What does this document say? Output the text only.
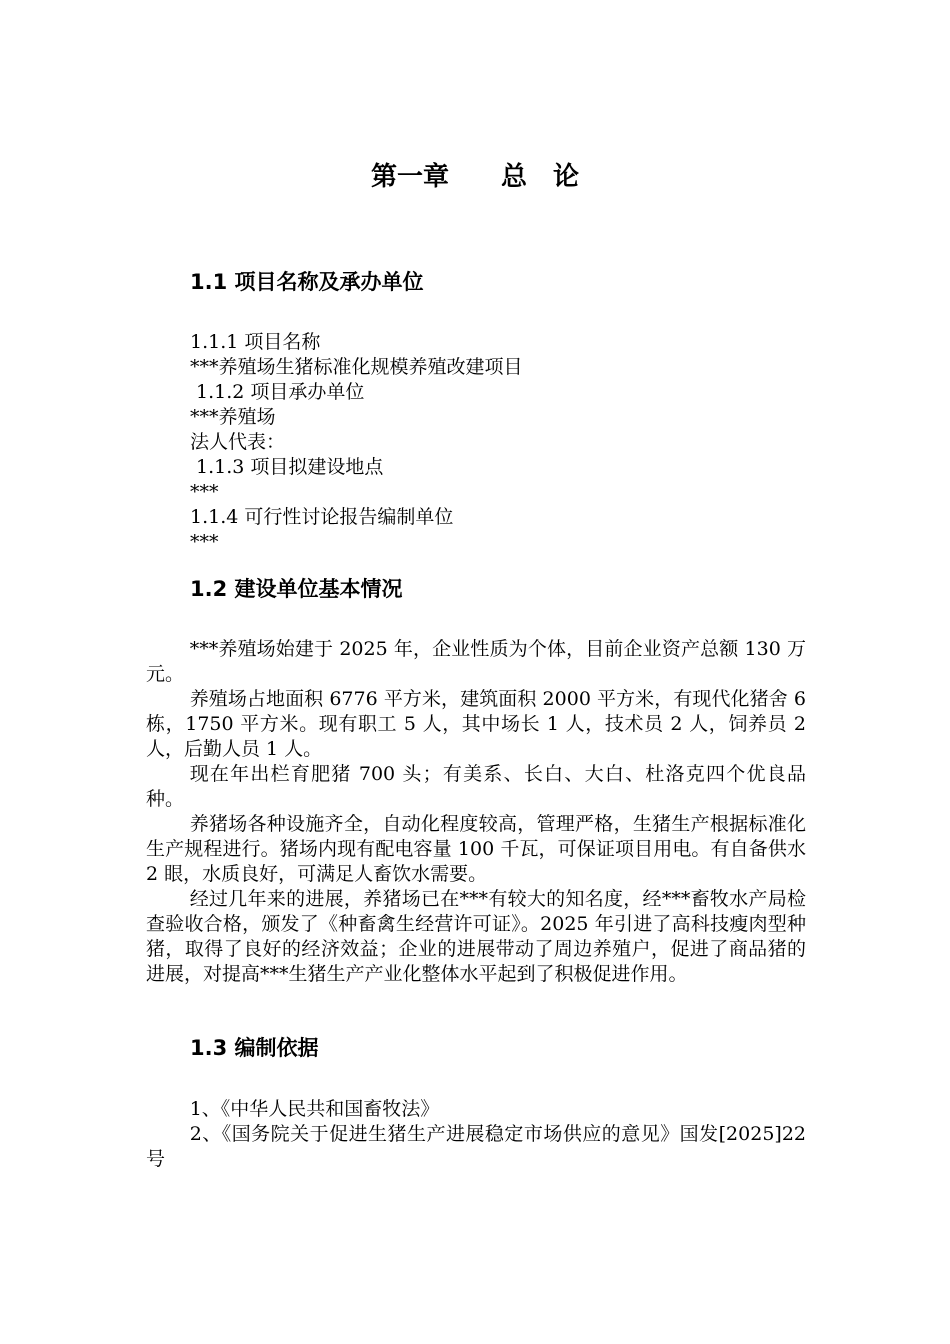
第一章　　总　论
1.1 项目名称及承办单位
1.1.1 项目名称
***养殖场生猪标准化规模养殖改建项目
1.1.2 项目承办单位
***养殖场
法人代表：
1.1.3 项目拟建设地点
***
1.1.4 可行性讨论报告编制单位
***
1.2 建设单位基本情况
***养殖场始建于 2025 年，企业性质为个体，目前企业资产总额 130 万元。
养殖场占地面积 6776 平方米，建筑面积 2000 平方米，有现代化猪舍 6 栋，1750 平方米。现有职工 5 人，其中场长 1 人，技术员 2 人，饲养员 2 人，后勤人员 1 人。
现在年出栏育肥猪 700 头；有美系、长白、大白、杜洛克四个优良品种。
养猪场各种设施齐全，自动化程度较高，管理严格，生猪生产根据标准化生产规程进行。猪场内现有配电容量 100 千瓦，可保证项目用电。有自备供水 2 眼，水质良好，可满足人畜饮水需要。
经过几年来的进展，养猪场已在***有较大的知名度，经***畜牧水产局检查验收合格，颁发了《种畜禽生经营许可证》。2025 年引进了高科技瘦肉型种猪，取得了良好的经济效益；企业的进展带动了周边养殖户，促进了商品猪的进展，对提高***生猪生产产业化整体水平起到了积极促进作用。
1.3 编制依据
1、《中华人民共和国畜牧法》
2、《国务院关于促进生猪生产进展稳定市场供应的意见》国发[2025]22 号
